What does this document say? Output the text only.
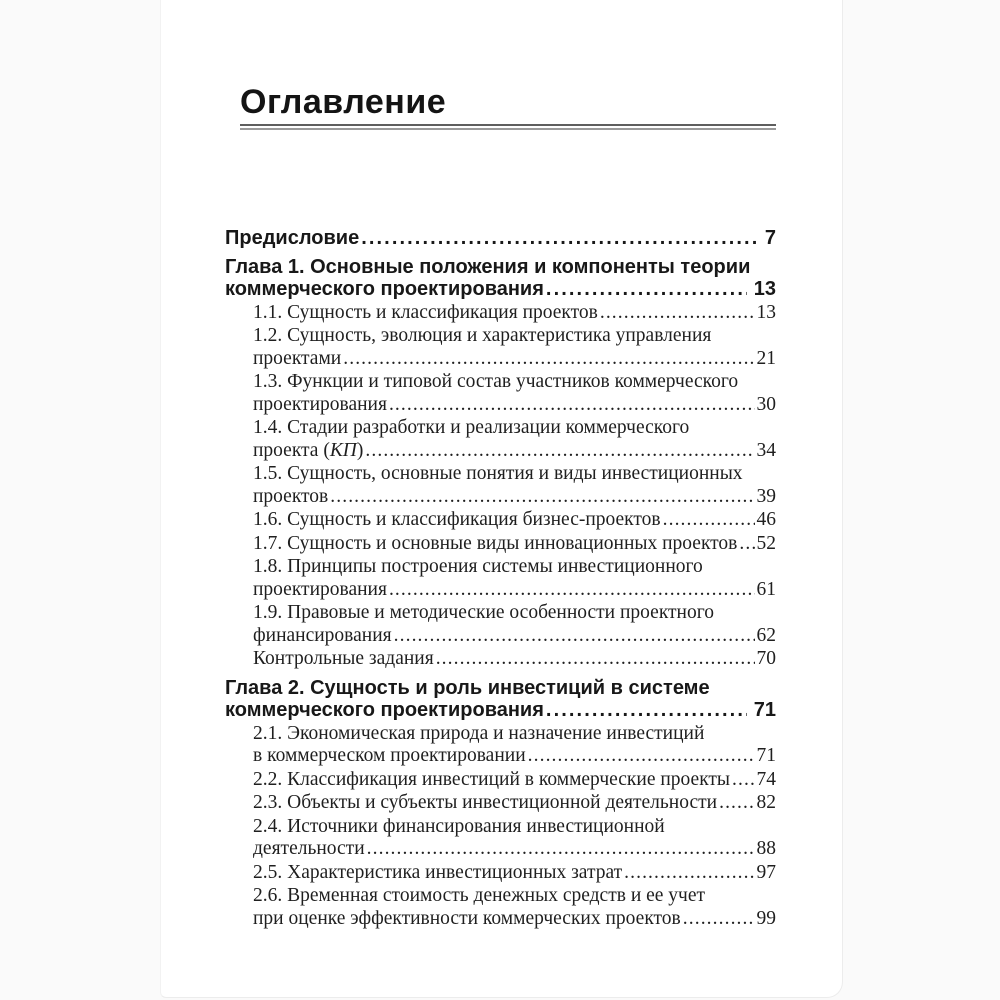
Оглавление
Предисловие .....	7
Глава 1. Основные положения и компоненты теории
коммерческого проектирования .....	13
1.1. Сущность и классификация проектов .....	13
1.2. Сущность, эволюция и характеристика управления
проектами .....	21
1.3. Функции и типовой состав участников коммерческого
проектирования .....	30
1.4. Стадии разработки и реализации коммерческого
проекта (КП) .....	34
1.5. Сущность, основные понятия и виды инвестиционных
проектов .....	39
1.6. Сущность и классификация бизнес-проектов .....	46
1.7. Сущность и основные виды инновационных проектов ..... 52
1.8. Принципы построения системы инвестиционного
проектирования .....	61
1.9. Правовые и методические особенности проектного
финансирования .....	62
Контрольные задания .....	70
Глава 2. Сущность и роль инвестиций в системе
коммерческого проектирования .....	71
2.1. Экономическая природа и назначение инвестиций
в коммерческом проектировании .....	71
2.2. Классификация инвестиций в коммерческие проекты ..... 74
2.3. Объекты и субъекты инвестиционной деятельности ..... 82
2.4. Источники финансирования инвестиционной
деятельности .....	88
2.5. Характеристика инвестиционных затрат .....	97
2.6. Временная стоимость денежных средств и ее учет
при оценке эффективности коммерческих проектов .....	99
